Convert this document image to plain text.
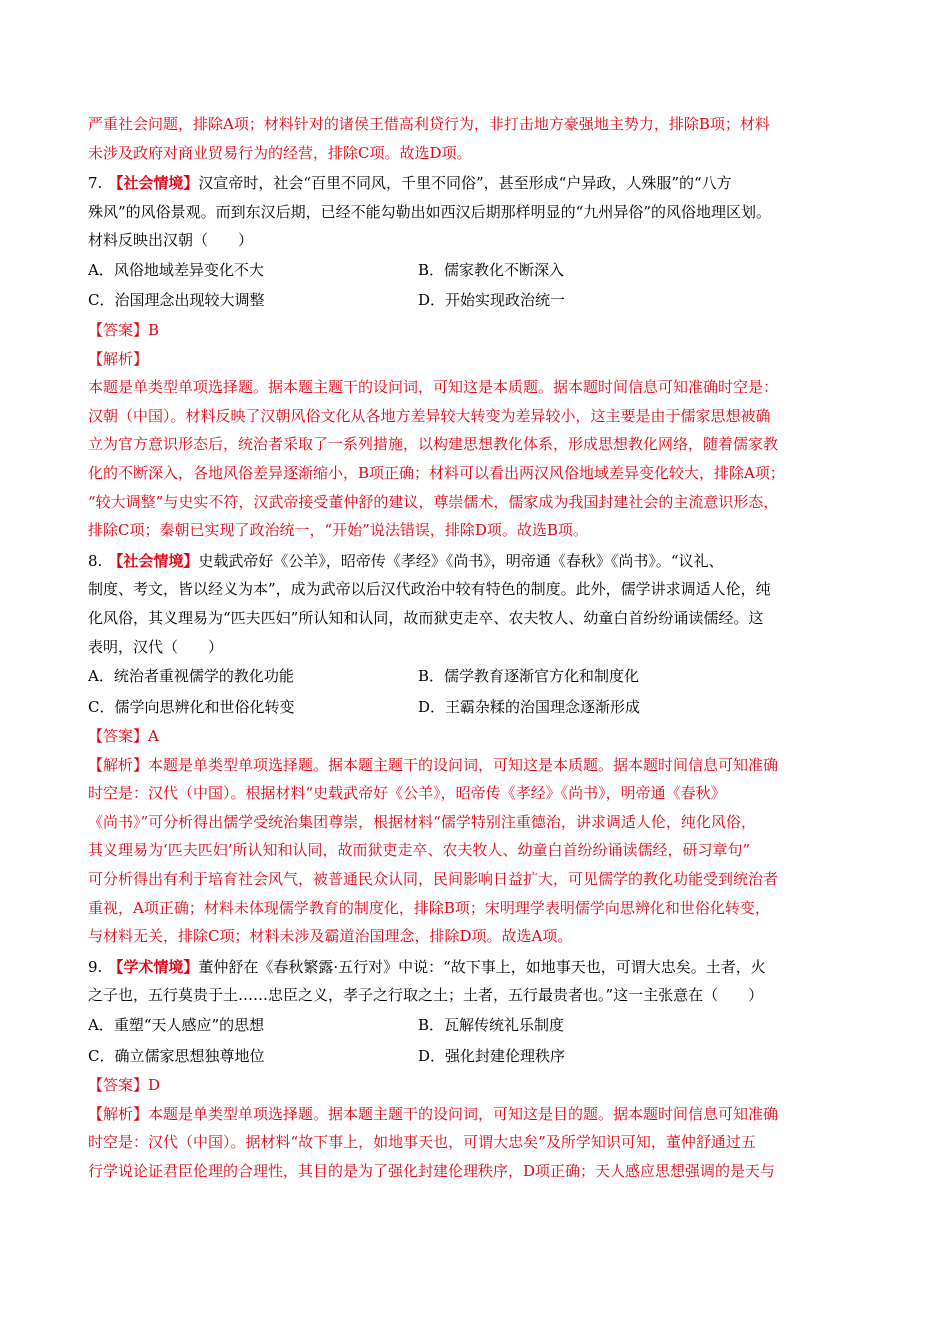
严重社会问题，排除A项；材料针对的诸侯王借高利贷行为，非打击地方豪强地主势力，排除B项；材料
未涉及政府对商业贸易行为的经营，排除C项。故选D项。
7. 【社会情境】汉宣帝时，社会“百里不同风，千里不同俗”，甚至形成“户异政，人殊服”的“八方
殊风”的风俗景观。而到东汉后期，已经不能勾勒出如西汉后期那样明显的“九州异俗”的风俗地理区划。
材料反映出汉朝（　　）
A．风俗地域差异变化不大	B．儒家教化不断深入
C．治国理念出现较大调整	D．开始实现政治统一
【答案】B
【解析】
本题是单类型单项选择题。据本题主题干的设问词，可知这是本质题。据本题时间信息可知准确时空是：
汉朝（中国）。材料反映了汉朝风俗文化从各地方差异较大转变为差异较小，这主要是由于儒家思想被确
立为官方意识形态后，统治者采取了一系列措施，以构建思想教化体系，形成思想教化网络，随着儒家教
化的不断深入，各地风俗差异逐渐缩小，B项正确；材料可以看出两汉风俗地域差异变化较大，排除A项；
“较大调整”与史实不符，汉武帝接受董仲舒的建议，尊崇儒术，儒家成为我国封建社会的主流意识形态，
排除C项；秦朝已实现了政治统一，“开始”说法错误，排除D项。故选B项。
8. 【社会情境】史载武帝好《公羊》，昭帝传《孝经》《尚书》，明帝通《春秋》《尚书》。“议礼、
制度、考文，皆以经义为本”，成为武帝以后汉代政治中较有特色的制度。此外，儒学讲求调适人伦，纯
化风俗，其义理易为“匹夫匹妇”所认知和认同，故而狱吏走卒、农夫牧人、幼童白首纷纷诵读儒经。这
表明，汉代（　　）
A．统治者重视儒学的教化功能	B．儒学教育逐渐官方化和制度化
C．儒学向思辨化和世俗化转变	D．王霸杂糅的治国理念逐渐形成
【答案】A
【解析】本题是单类型单项选择题。据本题主题干的设问词，可知这是本质题。据本题时间信息可知准确
时空是：汉代（中国）。根据材料“史载武帝好《公羊》，昭帝传《孝经》《尚书》，明帝通《春秋》
《尚书》”可分析得出儒学受统治集团尊崇，根据材料“儒学特别注重德治，讲求调适人伦，纯化风俗，
其义理易为‘匹夫匹妇’所认知和认同，故而狱吏走卒、农夫牧人、幼童白首纷纷诵读儒经，研习章句”
可分析得出有利于培育社会风气，被普通民众认同，民间影响日益扩大，可见儒学的教化功能受到统治者
重视，A项正确；材料未体现儒学教育的制度化，排除B项；宋明理学表明儒学向思辨化和世俗化转变，
与材料无关，排除C项；材料未涉及霸道治国理念，排除D项。故选A项。
9. 【学术情境】董仲舒在《春秋繁露·五行对》中说：“故下事上，如地事天也，可谓大忠矣。土者，火
之子也，五行莫贵于土……忠臣之义，孝子之行取之土；土者，五行最贵者也。”这一主张意在（　　）
A．重塑“天人感应”的思想	B．瓦解传统礼乐制度
C．确立儒家思想独尊地位	D．强化封建伦理秩序
【答案】D
【解析】本题是单类型单项选择题。据本题主题干的设问词，可知这是目的题。据本题时间信息可知准确
时空是：汉代（中国）。据材料“故下事上，如地事天也，可谓大忠矣”及所学知识可知，董仲舒通过五
行学说论证君臣伦理的合理性，其目的是为了强化封建伦理秩序，D项正确；天人感应思想强调的是天与
